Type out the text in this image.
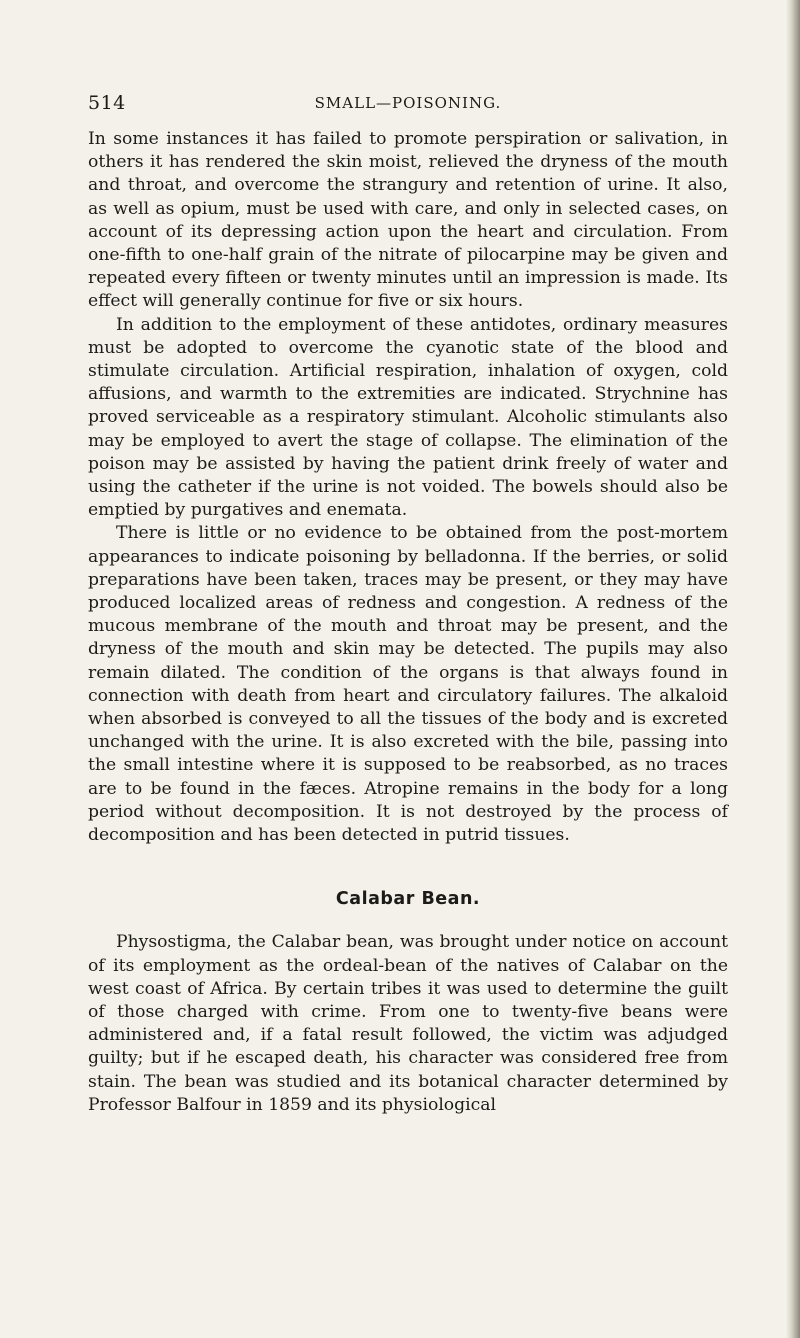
514	SMALL—POISONING.

In some instances it has failed to promote perspiration or salivation, in others it has rendered the skin moist, relieved the dryness of the mouth and throat, and overcome the strangury and retention of urine. It also, as well as opium, must be used with care, and only in selected cases, on account of its depressing action upon the heart and circulation. From one-fifth to one-half grain of the nitrate of pilocarpine may be given and repeated every fifteen or twenty minutes until an impression is made. Its effect will generally continue for five or six hours.

In addition to the employment of these antidotes, ordinary measures must be adopted to overcome the cyanotic state of the blood and stimulate circulation. Artificial respiration, inhalation of oxygen, cold affusions, and warmth to the extremities are indicated. Strychnine has proved serviceable as a respiratory stimulant. Alcoholic stimulants also may be employed to avert the stage of collapse. The elimination of the poison may be assisted by having the patient drink freely of water and using the catheter if the urine is not voided. The bowels should also be emptied by purgatives and enemata.

There is little or no evidence to be obtained from the post-mortem appearances to indicate poisoning by belladonna. If the berries, or solid preparations have been taken, traces may be present, or they may have produced localized areas of redness and congestion. A redness of the mucous membrane of the mouth and throat may be present, and the dryness of the mouth and skin may be detected. The pupils may also remain dilated. The condition of the organs is that always found in connection with death from heart and circulatory failures. The alkaloid when absorbed is conveyed to all the tissues of the body and is excreted unchanged with the urine. It is also excreted with the bile, passing into the small intestine where it is supposed to be reabsorbed, as no traces are to be found in the fæces. Atropine remains in the body for a long period without decomposition. It is not destroyed by the process of decomposition and has been detected in putrid tissues.

Calabar Bean.

Physostigma, the Calabar bean, was brought under notice on account of its employment as the ordeal-bean of the natives of Calabar on the west coast of Africa. By certain tribes it was used to determine the guilt of those charged with crime. From one to twenty-five beans were administered and, if a fatal result followed, the victim was adjudged guilty; but if he escaped death, his character was considered free from stain. The bean was studied and its botanical character determined by Professor Balfour in 1859 and its physiological
